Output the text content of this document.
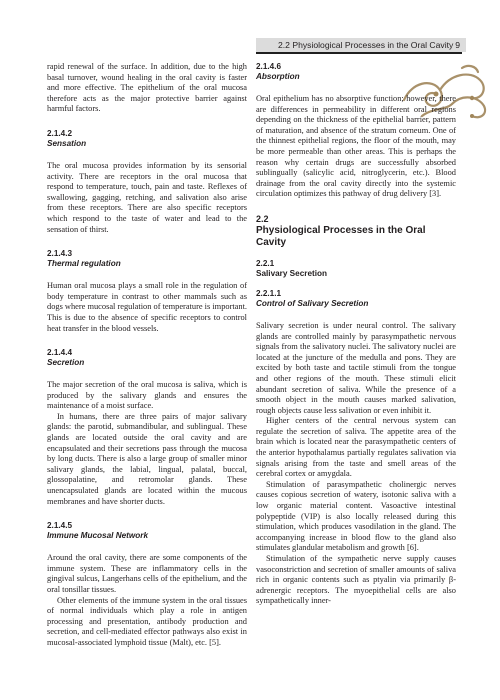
2.2 Physiological Processes in the Oral Cavity 9

rapid renewal of the surface. In addition, due to the high basal turnover, wound healing in the oral cavity is faster and more effective. The epithelium of the oral mucosa therefore acts as the major protective barrier against harmful factors.

2.1.4.2
Sensation

The oral mucosa provides information by its sensorial activity. There are receptors in the oral mucosa that respond to temperature, touch, pain and taste. Reflexes of swallowing, gagging, retching, and salivation also arise from these receptors. There are also specific receptors which respond to the taste of water and lead to the sensation of thirst.

2.1.4.3
Thermal regulation

Human oral mucosa plays a small role in the regulation of body temperature in contrast to other mammals such as dogs where mucosal regulation of temperature is important. This is due to the absence of specific receptors to control heat transfer in the blood vessels.

2.1.4.4
Secretion

The major secretion of the oral mucosa is saliva, which is produced by the salivary glands and ensures the maintenance of a moist surface.

In humans, there are three pairs of major salivary glands: the parotid, submandibular, and sublingual. These glands are located outside the oral cavity and are encapsulated and their secretions pass through the mucosa by long ducts. There is also a large group of smaller minor salivary glands, the labial, lingual, palatal, buccal, glossopalatine, and retromolar glands. These unencapsulated glands are located within the mucous membranes and have shorter ducts.

2.1.4.5
Immune Mucosal Network

Around the oral cavity, there are some components of the immune system. These are inflammatory cells in the gingival sulcus, Langerhans cells of the epithelium, and the oral tonsillar tissues.

Other elements of the immune system in the oral tissues of normal individuals which play a role in antigen processing and presentation, antibody production and secretion, and cell-mediated effector pathways also exist in mucosal-associated lymphoid tissue (Malt), etc. [5].

2.1.4.6
Absorption

Oral epithelium has no absorptive function; however, there are differences in permeability in different oral regions depending on the thickness of the epithelial barrier, pattern of maturation, and absence of the stratum corneum. One of the thinnest epithelial regions, the floor of the mouth, may be more permeable than other areas. This is perhaps the reason why certain drugs are successfully absorbed sublingually (salicylic acid, nitroglycerin, etc.). Blood drainage from the oral cavity directly into the systemic circulation optimizes this pathway of drug delivery [3].

2.2
Physiological Processes in the Oral Cavity
2.2.1
Salivary Secretion
2.2.1.1
Control of Salivary Secretion

Salivary secretion is under neural control. The salivary glands are controlled mainly by parasympathetic nervous signals from the salivatory nuclei. The salivatory nuclei are located at the juncture of the medulla and pons. They are excited by both taste and tactile stimuli from the tongue and other regions of the mouth. These stimuli elicit abundant secretion of saliva. While the presence of a smooth object in the mouth causes marked salivation, rough objects cause less salivation or even inhibit it.

Higher centers of the central nervous system can regulate the secretion of saliva. The appetite area of the brain which is located near the parasympathetic centers of the anterior hypothalamus partially regulates salivation via signals arising from the taste and smell areas of the cerebral cortex or amygdala.

Stimulation of parasympathetic cholinergic nerves causes copious secretion of watery, isotonic saliva with a low organic material content. Vasoactive intestinal polypeptide (VIP) is also locally released during this stimulation, which produces vasodilation in the gland. The accompanying increase in blood flow to the gland also stimulates glandular metabolism and growth [6].

Stimulation of the sympathetic nerve supply causes vasoconstriction and secretion of smaller amounts of saliva rich in organic contents such as ptyalin via primarily β-adrenergic receptors. The myoepithelial cells are also sympathetically inner-
